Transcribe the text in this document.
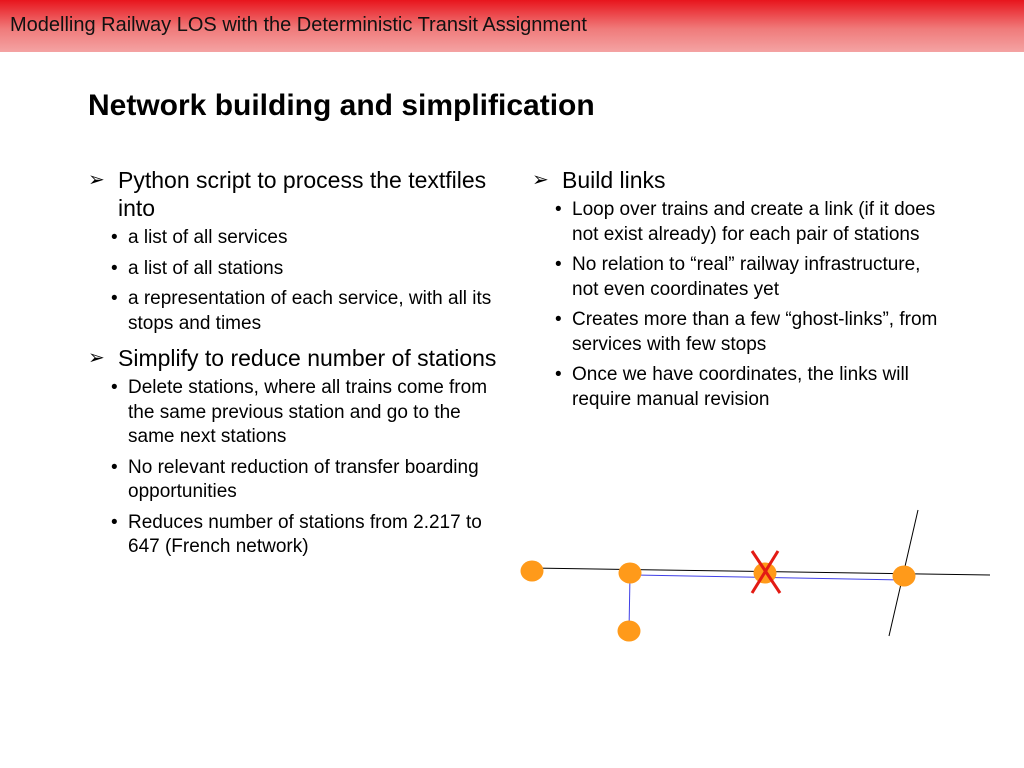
Modelling Railway LOS with the Deterministic Transit Assignment
Network building and simplification
➢ Python script to process the textfiles into
• a list of all services
• a list of all stations
• a representation of each service, with all its stops and times
➢ Simplify to reduce number of stations
• Delete stations, where all trains come from the same previous station and go to the same next stations
• No relevant reduction of transfer boarding opportunities
• Reduces number of stations from 2.217 to 647 (French network)
➢ Build links
• Loop over trains and create a link (if it does not exist already) for each pair of stations
• No relation to “real” railway infrastructure, not even coordinates yet
• Creates more than a few “ghost-links”, from services with few stops
• Once we have coordinates, the links will require manual revision
